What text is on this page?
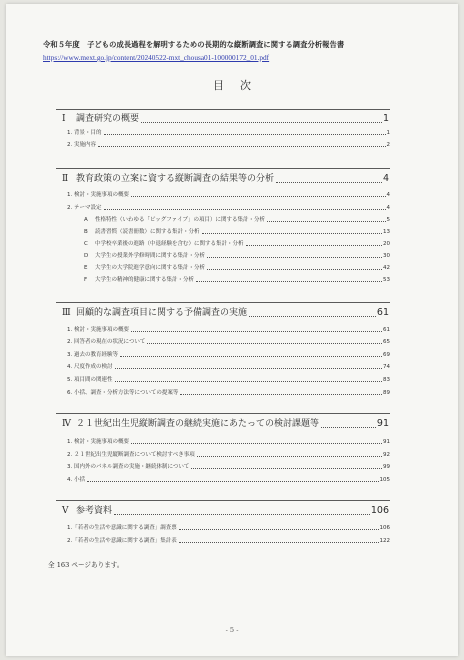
令和５年度　子どもの成長過程を解明するための長期的な縦断調査に関する調査分析報告書
https://www.mext.go.jp/content/20240522-mxt_chousa01-100000172_01.pdf
目次
Ⅰ	調査研究の概要	1
1. 背景・目的	1
2. 実施内容	2
Ⅱ 教育政策の立案に資する縦断調査の結果等の分析	4
1. 検討・実施事項の概要	4
2. テーマ設定	4
A	性格特性（いわゆる「ビッグファイブ」の項目）に関する集計・分析	5
B	読書習慣（読書冊数）に関する集計・分析	13
C	中学校卒業後の進路（中退経験を含む）に関する集計・分析	20
D	大学生の授業外学修時間に関する集計・分析	30
E	大学生の大学院進学意向に関する集計・分析	42
F	大学生の精神的健康に関する集計・分析	53
Ⅲ 回顧的な調査項目に関する予備調査の実施	61
1. 検討・実施事項の概要	61
2. 回答者の現在の状況について	65
3. 過去の教育経験等	69
4. 尺度作成の検討	74
5. 項目間の関連性	83
6. 小括、調査・分析方法等についての提案等	89
Ⅳ ２１世紀出生児縦断調査の継続実施にあたっての検討課題等	91
1. 検討・実施事項の概要	91
2. ２１世紀出生児縦断調査について検討すべき事項	92
3. 国内外のパネル調査の実施・継続体制について	99
4. 小括	105
Ⅴ 参考資料	106
1.「若者の生活や意識に関する調査」調査票	106
2.「若者の生活や意識に関する調査」集計表	122
全 163 ページあります。
- 5 -
